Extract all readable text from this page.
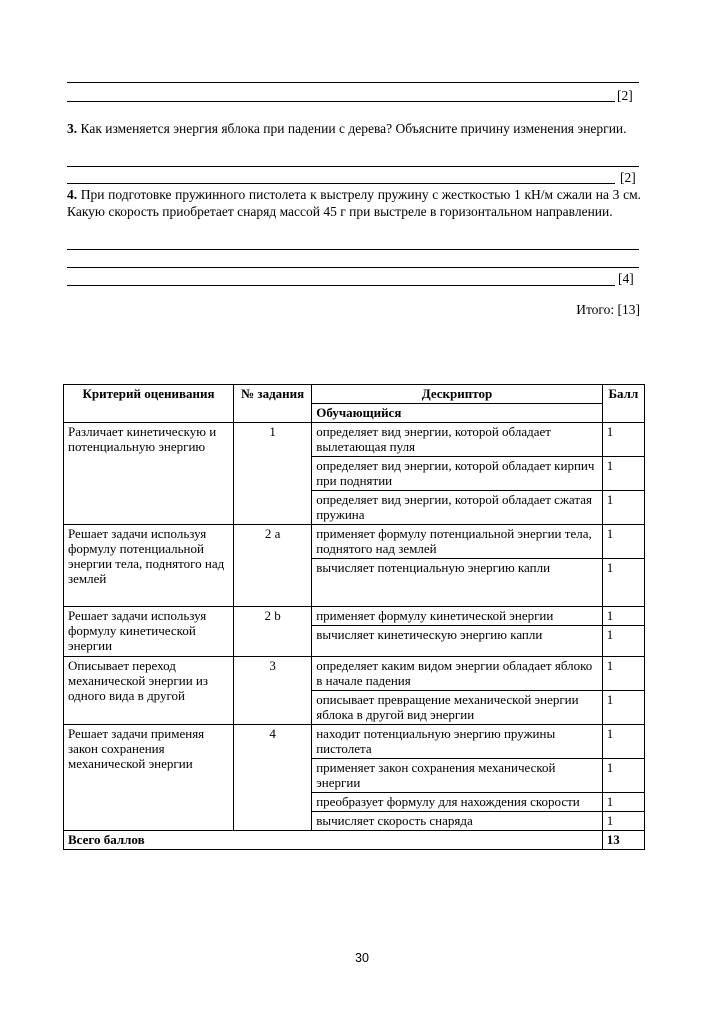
[2]
3. Как изменяется энергия яблока при падении с дерева? Объясните причину изменения энергии.
[2]
4. При подготовке пружинного пистолета к выстрелу пружину с жесткостью 1 кН/м сжали на 3 см. Какую скорость приобретает снаряд массой 45 г при выстреле в горизонтальном направлении.
[4]
Итого: [13]
Критерий оценивания	№ задания	Дескриптор	Балл
		Обучающийся	
Различает кинетическую и потенциальную энергию	1	определяет вид энергии, которой обладает вылетающая пуля	1
		определяет вид энергии, которой обладает кирпич при поднятии	1
		определяет вид энергии, которой обладает сжатая пружина	1
Решает задачи используя формулу потенциальной энергии тела, поднятого над землей	2 a	применяет формулу потенциальной энергии тела, поднятого над землей	1
		вычисляет потенциальную энергию капли	1
Решает задачи используя формулу кинетической энергии	2 b	применяет формулу кинетической энергии	1
		вычисляет кинетическую энергию капли	1
Описывает переход механической энергии из одного вида в другой	3	определяет каким видом энергии обладает яблоко в начале падения	1
		описывает превращение механической энергии яблока в другой вид энергии	1
Решает задачи применяя закон сохранения механической энергии	4	находит потенциальную энергию пружины пистолета	1
		применяет закон сохранения механической энергии	1
		преобразует формулу для нахождения скорости	1
		вычисляет скорость снаряда	1
Всего баллов			13
30
